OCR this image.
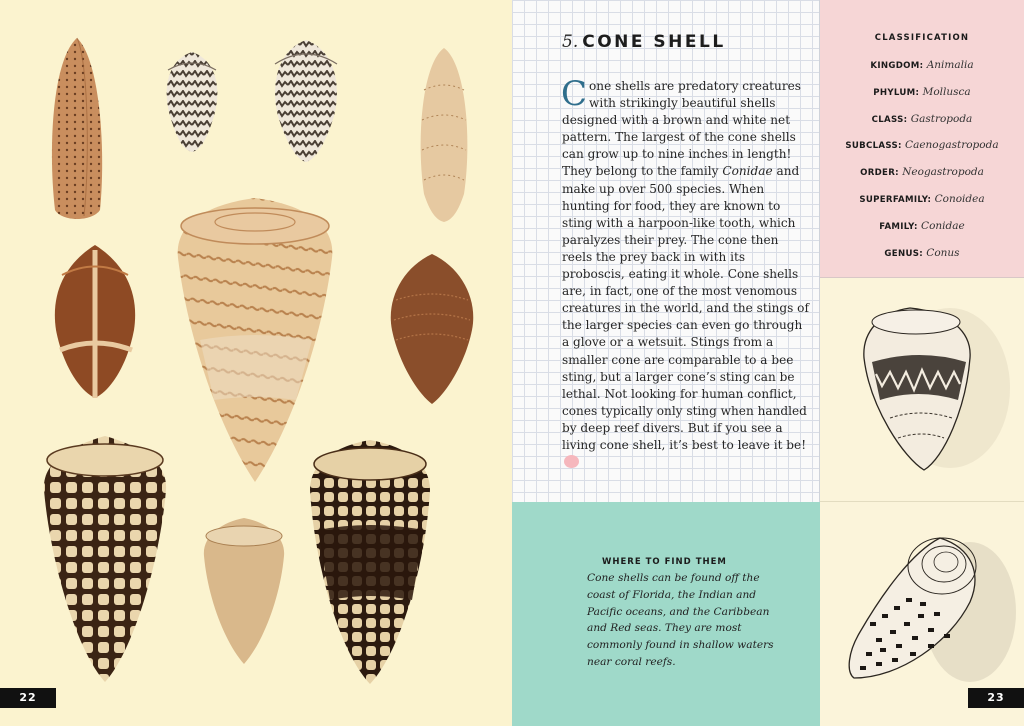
22
5. CONE SHELL
Cone shells are predatory creatures with strikingly beautiful shells designed with a brown and white net pattern. The largest of the cone shells can grow up to nine inches in length! They belong to the family Conidae and make up over 500 species. When hunting for food, they are known to sting with a harpoon-like tooth, which paralyzes their prey. The cone then reels the prey back in with its proboscis, eating it whole. Cone shells are, in fact, one of the most venomous creatures in the world, and the stings of the larger species can even go through a glove or a wetsuit. Stings from a smaller cone are comparable to a bee sting, but a larger cone’s sting can be lethal. Not looking for human conflict, cones typically only sting when handled by deep reef divers. But if you see a living cone shell, it’s best to leave it be!
WHERE TO FIND THEM
Cone shells can be found off the coast of Florida, the Indian and Pacific oceans, and the Caribbean and Red seas. They are most commonly found in shallow waters near coral reefs.
CLASSIFICATION
KINGDOM: Animalia
PHYLUM: Mollusca
CLASS: Gastropoda
SUBCLASS: Caenogastropoda
ORDER: Neogastropoda
SUPERFAMILY: Conoidea
FAMILY: Conidae
GENUS: Conus
23
